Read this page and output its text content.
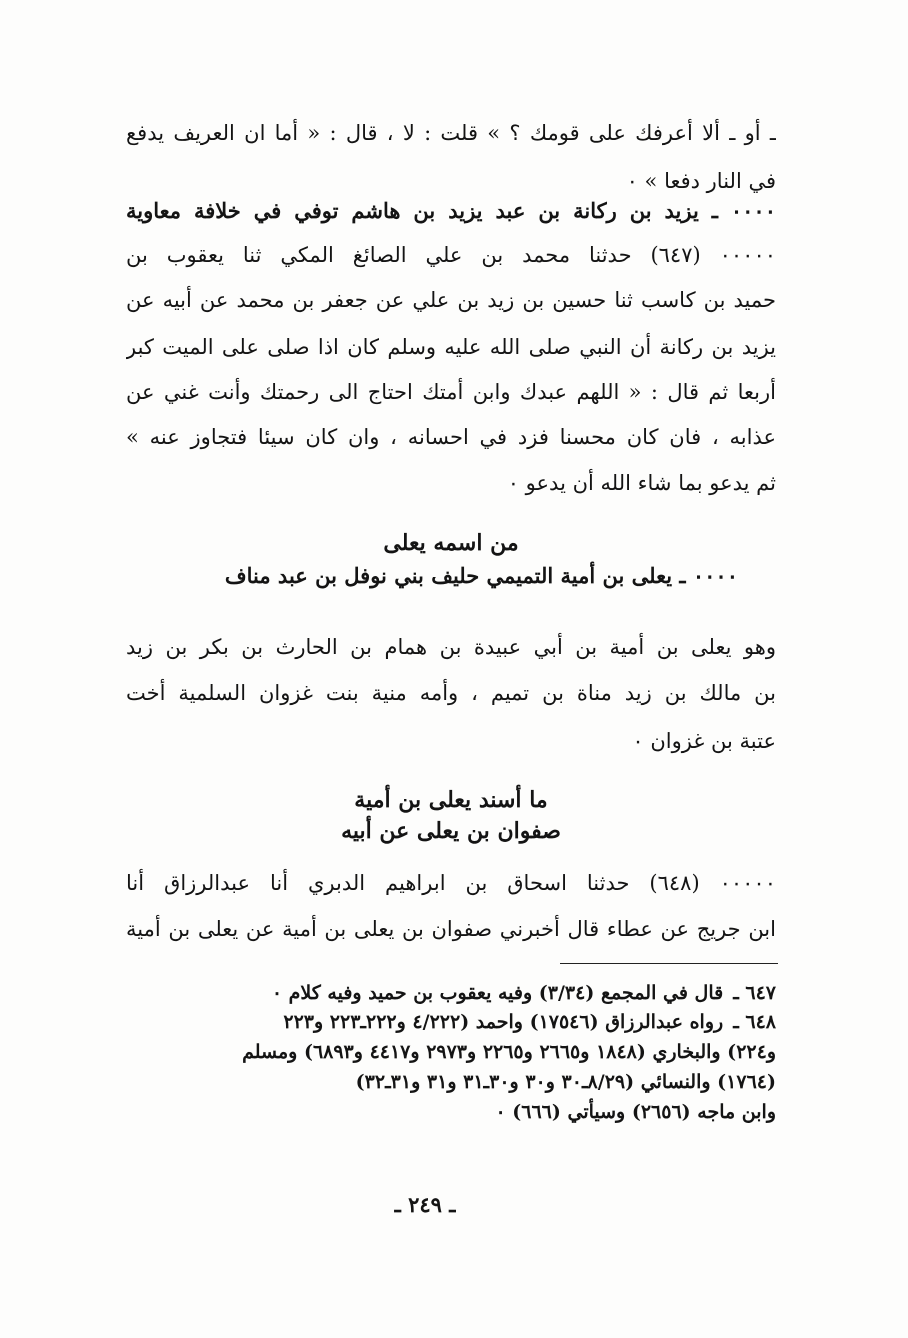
ـ أو ـ ألا أعرفك على قومك ؟ » قلت : لا ، قال : « أما ان العريف يدفع
في النار دفعا » ٠
٠٠٠٠ ـ يزيد بن ركانة بن عبد يزيد بن هاشم توفي في خلافة معاوية
٠٠٠٠٠ (٦٤٧) حدثنا محمد بن علي الصائغ المكي ثنا يعقوب بن
حميد بن كاسب ثنا حسين بن زيد بن علي عن جعفر بن محمد عن أبيه عن
يزيد بن ركانة أن النبي صلى الله عليه وسلم كان اذا صلى على الميت كبر
أربعا ثم قال : « اللهم عبدك وابن أمتك احتاج الى رحمتك وأنت غني عن
عذابه ، فان كان محسنا فزد في احسانه ، وان كان سيئا فتجاوز عنه »
ثم يدعو بما شاء الله أن يدعو ٠
من اسمه يعلى
٠٠٠٠ ـ يعلى بن أمية التميمي حليف بني نوفل بن عبد مناف
وهو يعلى بن أمية بن أبي عبيدة بن همام بن الحارث بن بكر بن زيد
بن مالك بن زيد مناة بن تميم ، وأمه منية بنت غزوان السلمية أخت
عتبة بن غزوان ٠
ما أسند يعلى بن أمية
صفوان بن يعلى عن أبيه
٠٠٠٠٠ (٦٤٨) حدثنا اسحاق بن ابراهيم الدبري أنا عبدالرزاق أنا
ابن جريج عن عطاء قال أخبرني صفوان بن يعلى بن أمية عن يعلى بن أمية
٦٤٧ ـقال في المجمع (٣/٣٤) وفيه يعقوب بن حميد وفيه كلام ٠
٦٤٨ ـرواه عبدالرزاق (١٧٥٤٦) واحمد (٤/٢٢٢ و٢٢٢ـ٢٢٣ و٢٢٣
و٢٢٤) والبخاري (١٨٤٨ و٢٦٦٥ و٢٢٦٥ و٢٩٧٣ و٤٤١٧ و٦٨٩٣) ومسلم
(١٧٦٤) والنسائي (٨/٢٩ـ٣٠ و٣٠ و٣٠ـ٣١ و٣١ و٣١ـ٣٢)
وابن ماجه (٢٦٥٦) وسيأتي (٦٦٦) ٠
ـ ٢٤٩ ـ
